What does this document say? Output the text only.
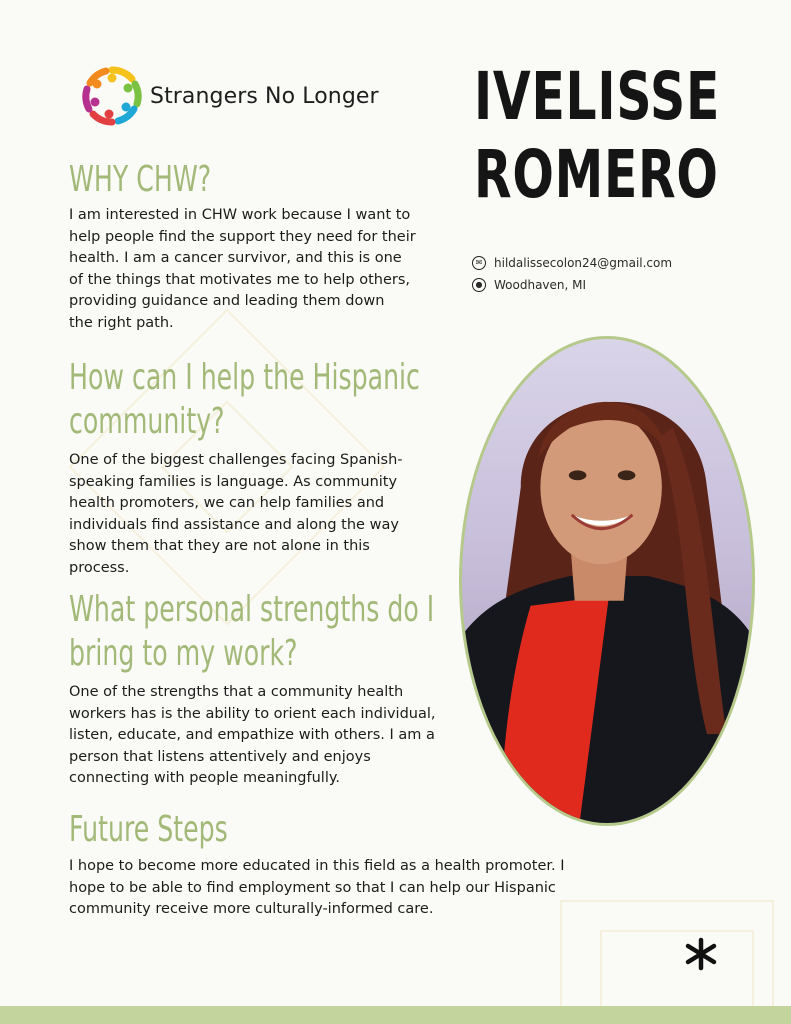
Strangers No Longer IVELISSE
ROMERO
✉ hildalissecolon24@gmail.com
● Woodhaven, MI
WHY CHW?
I am interested in CHW work because I want to
help people find the support they need for their
health. I am a cancer survivor, and this is one
of the things that motivates me to help others,
providing guidance and leading them down
the right path.
How can I help the Hispanic
community?
One of the biggest challenges facing Spanish-
speaking families is language. As community
health promoters, we can help families and
individuals find assistance and along the way
show them that they are not alone in this
process.
What personal strengths do I
bring to my work?
One of the strengths that a community health
workers has is the ability to orient each individual,
listen, educate, and empathize with others. I am a
person that listens attentively and enjoys
connecting with people meaningfully.
Future Steps
I hope to become more educated in this field as a health promoter. I
hope to be able to find employment so that I can help our Hispanic
community receive more culturally-informed care.
